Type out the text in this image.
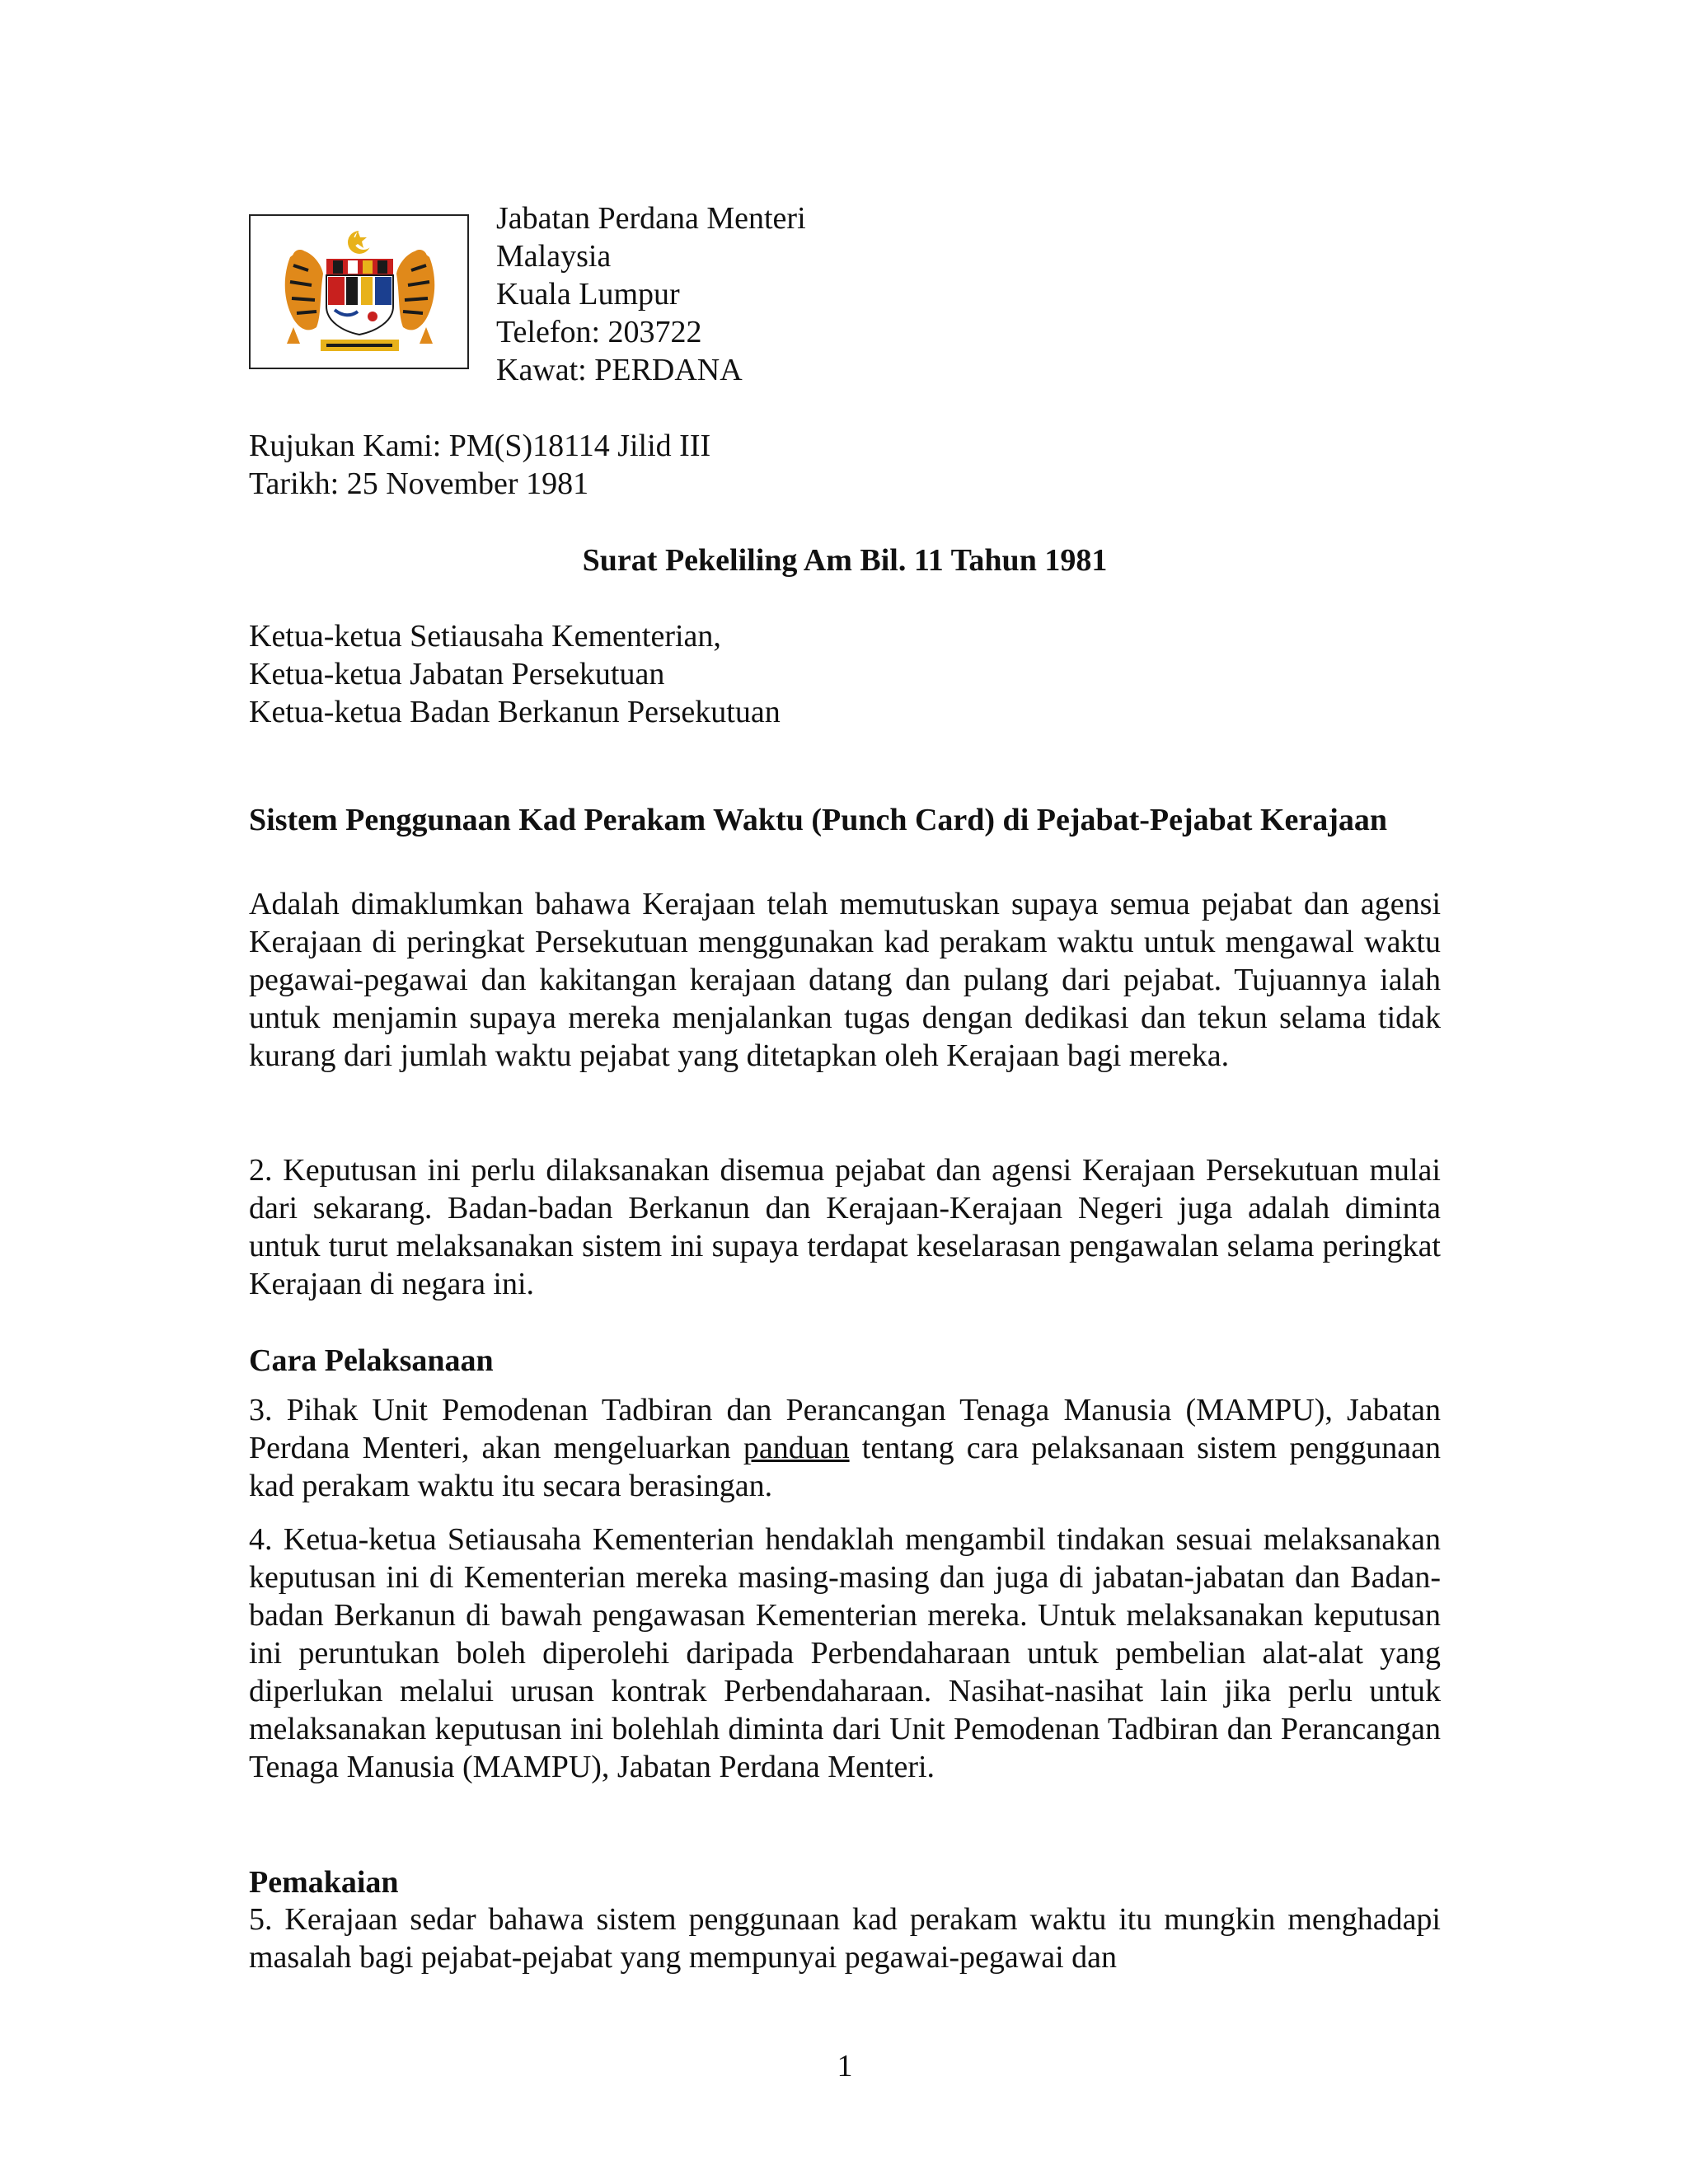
Jabatan Perdana Menteri

Malaysia

Kuala Lumpur

Telefon: 203722

Kawat: PERDANA

Rujukan Kami: PM(S)18114 Jilid III

Tarikh: 25 November 1981

Surat Pekeliling Am Bil. 11 Tahun 1981

Ketua-ketua Setiausaha Kementerian,

Ketua-ketua Jabatan Persekutuan

Ketua-ketua Badan Berkanun Persekutuan

Sistem Penggunaan Kad Perakam Waktu (Punch Card) di Pejabat-Pejabat Kerajaan

Adalah dimaklumkan bahawa Kerajaan telah memutuskan supaya semua pejabat dan agensi Kerajaan di peringkat Persekutuan menggunakan kad perakam waktu untuk mengawal waktu pegawai-pegawai dan kakitangan kerajaan datang dan pulang dari pejabat. Tujuannya ialah untuk menjamin supaya mereka menjalankan tugas dengan dedikasi dan tekun selama tidak kurang dari jumlah waktu pejabat yang ditetapkan oleh Kerajaan bagi mereka.

2. Keputusan ini perlu dilaksanakan disemua pejabat dan agensi Kerajaan Persekutuan mulai dari sekarang. Badan-badan Berkanun dan Kerajaan-Kerajaan Negeri juga adalah diminta untuk turut melaksanakan sistem ini supaya terdapat keselarasan pengawalan selama peringkat Kerajaan di negara ini.

Cara Pelaksanaan

3. Pihak Unit Pemodenan Tadbiran dan Perancangan Tenaga Manusia (MAMPU), Jabatan Perdana Menteri, akan mengeluarkan panduan tentang cara pelaksanaan sistem penggunaan kad perakam waktu itu secara berasingan.

4. Ketua-ketua Setiausaha Kementerian hendaklah mengambil tindakan sesuai melaksanakan keputusan ini di Kementerian mereka masing-masing dan juga di jabatan-jabatan dan Badan-badan Berkanun di bawah pengawasan Kementerian mereka. Untuk melaksanakan keputusan ini peruntukan boleh diperolehi daripada Perbendaharaan untuk pembelian alat-alat yang diperlukan melalui urusan kontrak Perbendaharaan. Nasihat-nasihat lain jika perlu untuk melaksanakan keputusan ini bolehlah diminta dari Unit Pemodenan Tadbiran dan Perancangan Tenaga Manusia (MAMPU), Jabatan Perdana Menteri.

Pemakaian

5. Kerajaan sedar bahawa sistem penggunaan kad perakam waktu itu mungkin menghadapi masalah bagi pejabat-pejabat yang mempunyai pegawai-pegawai dan

1
